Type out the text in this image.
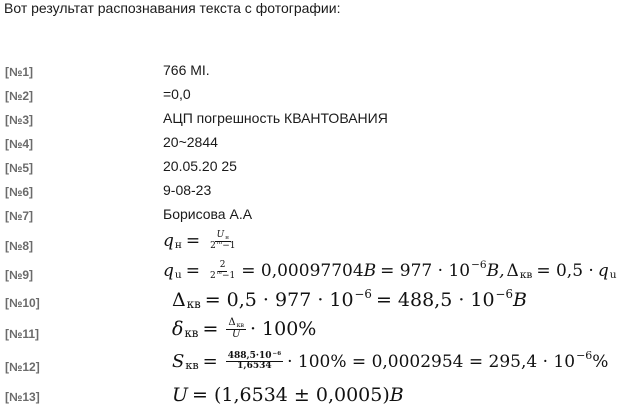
Вот результат распознавания текста с фотографии:
[№1]	766 MI.
[№2]	=0,0
[№3]	АЦП погрешность КВАНТОВАНИЯ
[№4]	20~2844
[№5]	20.05.20 25
[№6]	9-08-23
[№7]	Борисова А.А
[№8]	q $н = \frac{Uн}{2^m-1}$
[№9]	q $u = \frac{2}{2^m-1} = 0,00097704$ B = 977 · 10 −6 B, Δ кв = 0,5 · q u
[№10]	Δ кв = 0,5 · 977 · 10 −6 = 488,5 · 10 −6 B
[№11]	δ кв = $\frac{\text{Δкв}}{U} \cdot 100\%$
[№12]	S кв = $\frac{488,5\cdot 10^{-6}}{1,6534} \cdot 100\% = 0,0002954 = 295,4 \cdot 10 -6$ %
[№13]	U = (1,6534 ± 0,0005) B
